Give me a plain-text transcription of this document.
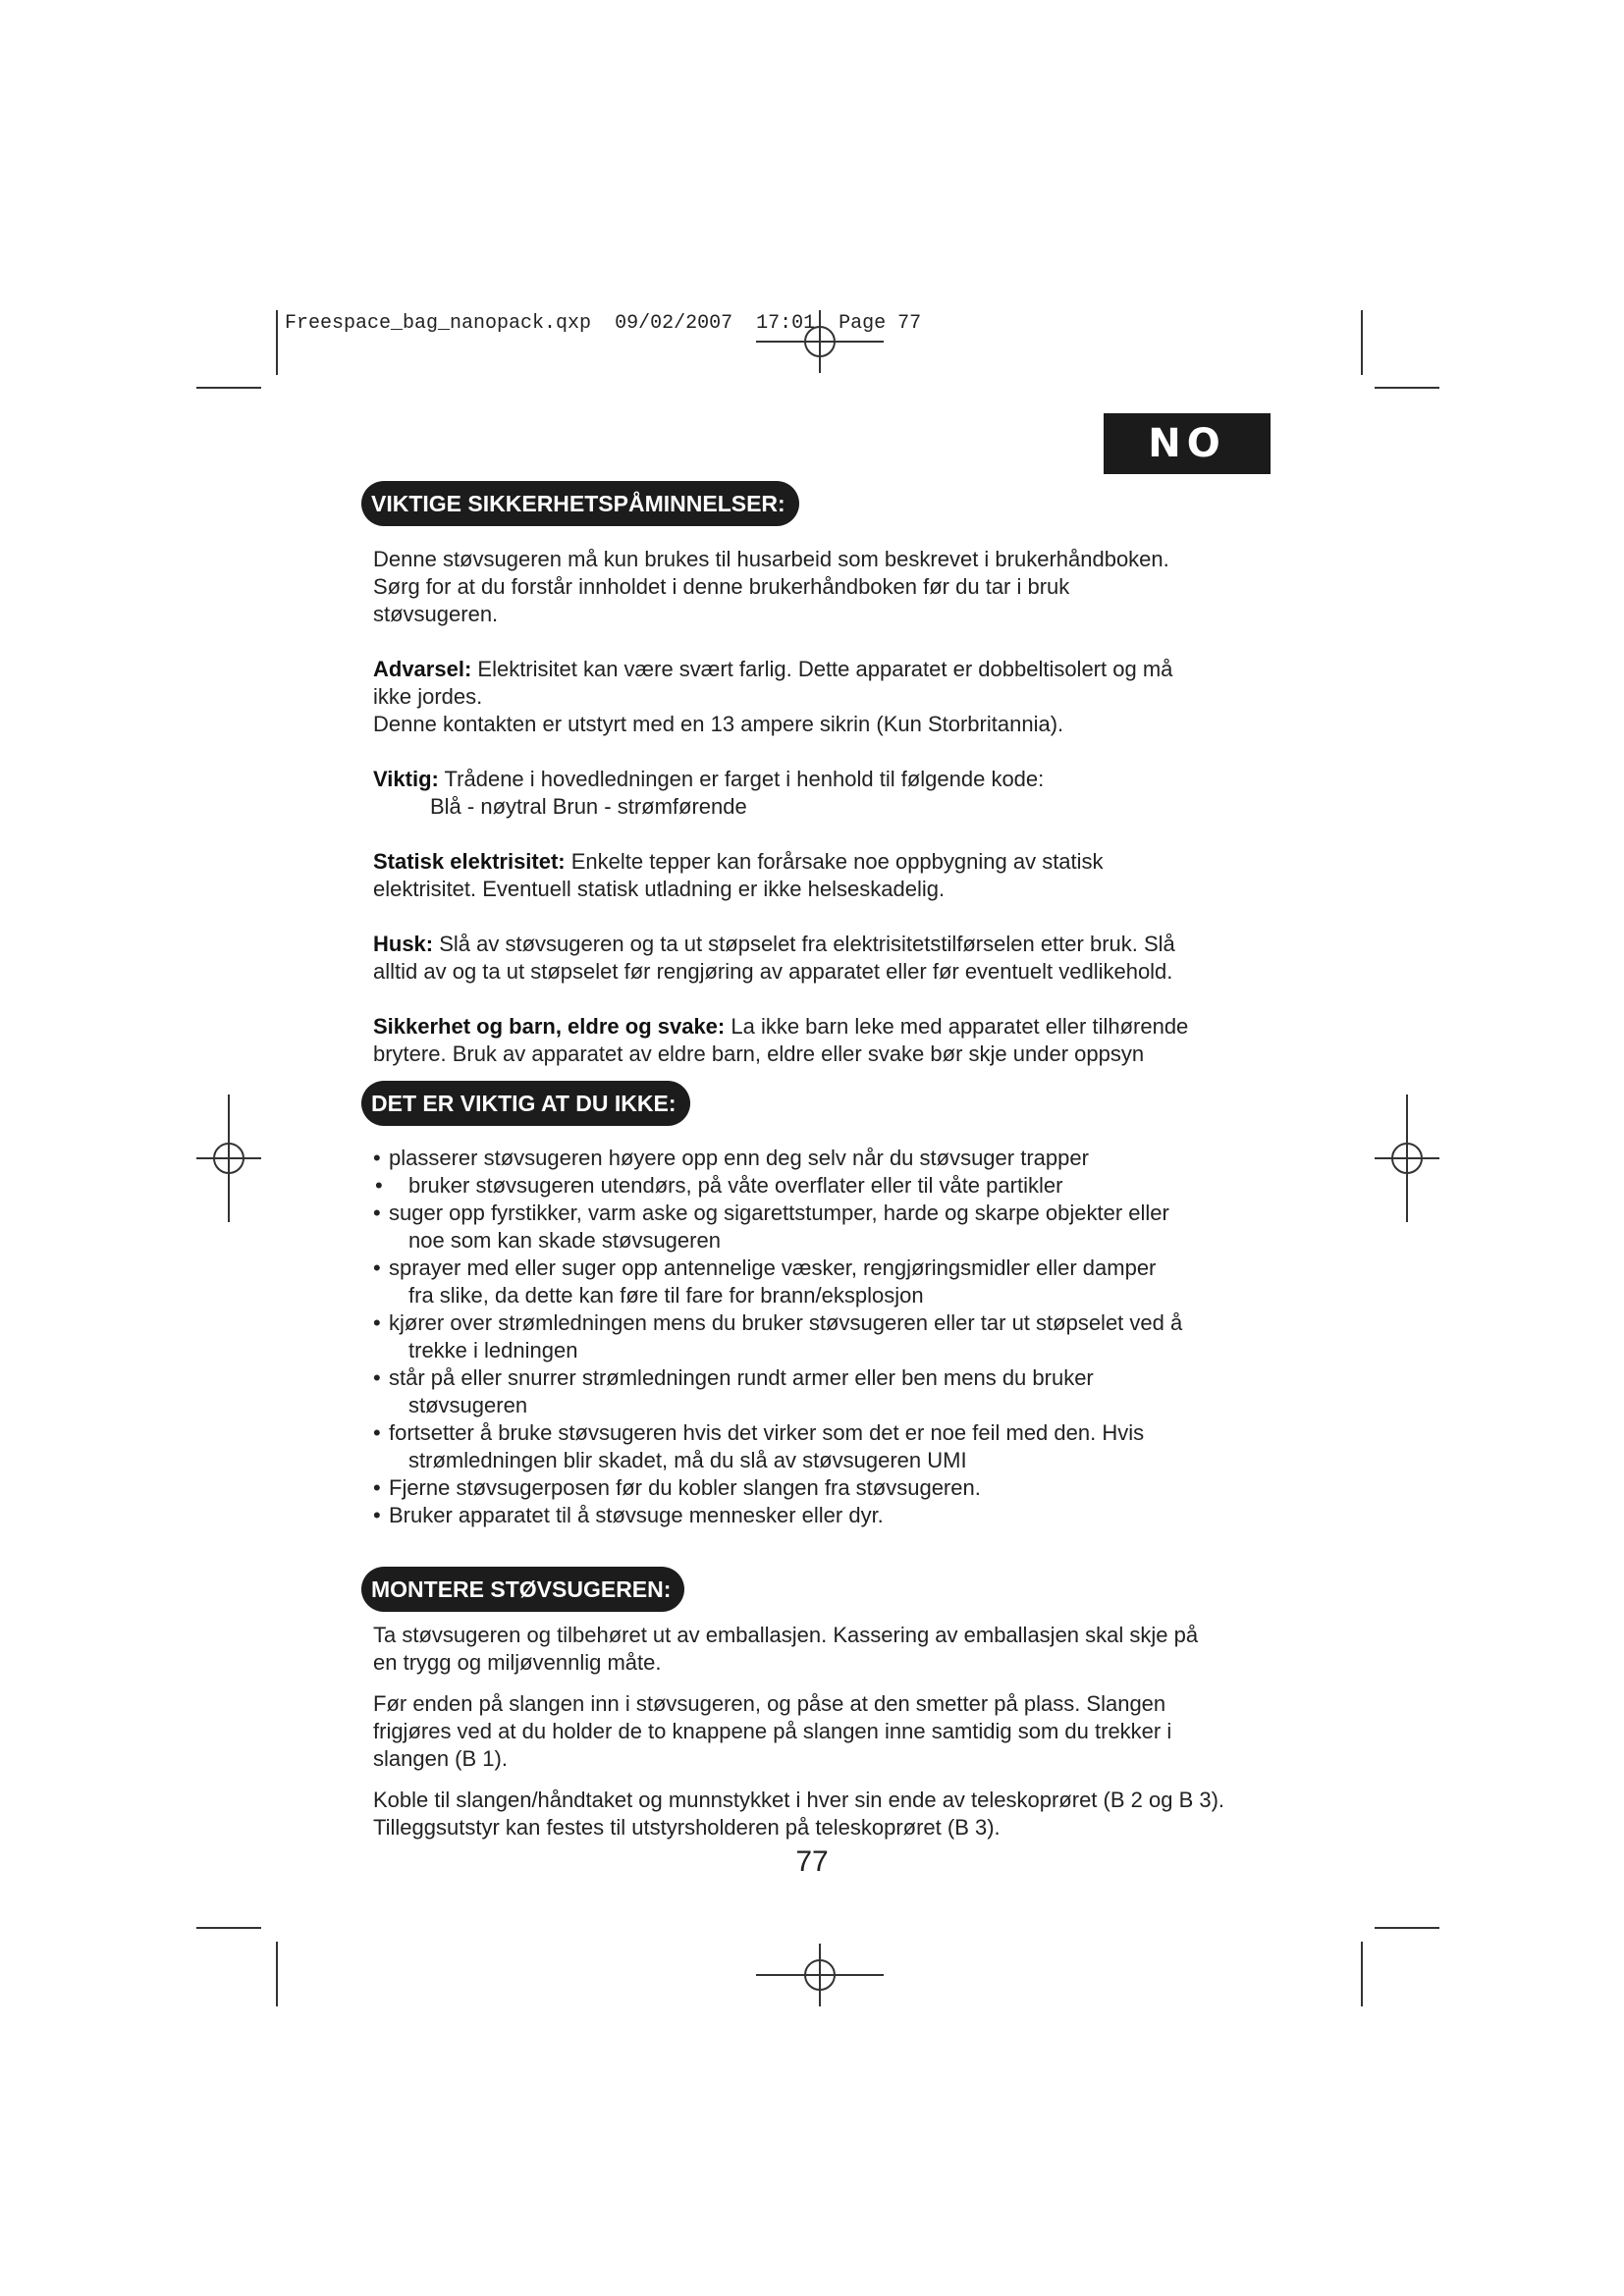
Freespace_bag_nanopack.qxp 09/02/2007 17:01 Page 77
NO
VIKTIGE SIKKERHETSPÅMINNELSER:

Denne støvsugeren må kun brukes til husarbeid som beskrevet i brukerhåndboken.
Sørg for at du forstår innholdet i denne brukerhåndboken før du tar i bruk
støvsugeren.

Advarsel: Elektrisitet kan være svært farlig. Dette apparatet er dobbeltisolert og må
ikke jordes.
Denne kontakten er utstyrt med en 13 ampere sikrin (Kun Storbritannia).

Viktig: Trådene i hovedledningen er farget i henhold til følgende kode:
Blå - nøytral Brun - strømførende

Statisk elektrisitet: Enkelte tepper kan forårsake noe oppbygning av statisk
elektrisitet. Eventuell statisk utladning er ikke helseskadelig.

Husk: Slå av støvsugeren og ta ut støpselet fra elektrisitetstilførselen etter bruk. Slå
alltid av og ta ut støpselet før rengjøring av apparatet eller før eventuelt vedlikehold.

Sikkerhet og barn, eldre og svake: La ikke barn leke med apparatet eller tilhørende
brytere. Bruk av apparatet av eldre barn, eldre eller svake bør skje under oppsyn

DET ER VIKTIG AT DU IKKE:
• plasserer støvsugeren høyere opp enn deg selv når du støvsuger trapper
• bruker støvsugeren utendørs, på våte overflater eller til våte partikler
• suger opp fyrstikker, varm aske og sigarettstumper, harde og skarpe objekter eller
noe som kan skade støvsugeren
• sprayer med eller suger opp antennelige væsker, rengjøringsmidler eller damper
fra slike, da dette kan føre til fare for brann/eksplosjon
• kjører over strømledningen mens du bruker støvsugeren eller tar ut støpselet ved å
trekke i ledningen
• står på eller snurrer strømledningen rundt armer eller ben mens du bruker
støvsugeren
• fortsetter å bruke støvsugeren hvis det virker som det er noe feil med den. Hvis
strømledningen blir skadet, må du slå av støvsugeren UMI
• Fjerne støvsugerposen før du kobler slangen fra støvsugeren.
• Bruker apparatet til å støvsuge mennesker eller dyr.
MONTERE STØVSUGEREN:

Ta støvsugeren og tilbehøret ut av emballasjen. Kassering av emballasjen skal skje på
en trygg og miljøvennlig måte.

Før enden på slangen inn i støvsugeren, og påse at den smetter på plass. Slangen
frigjøres ved at du holder de to knappene på slangen inne samtidig som du trekker i
slangen (B 1).

Koble til slangen/håndtaket og munnstykket i hver sin ende av teleskoprøret (B 2 og B 3).
Tilleggsutstyr kan festes til utstyrsholderen på teleskoprøret (B 3).

77
